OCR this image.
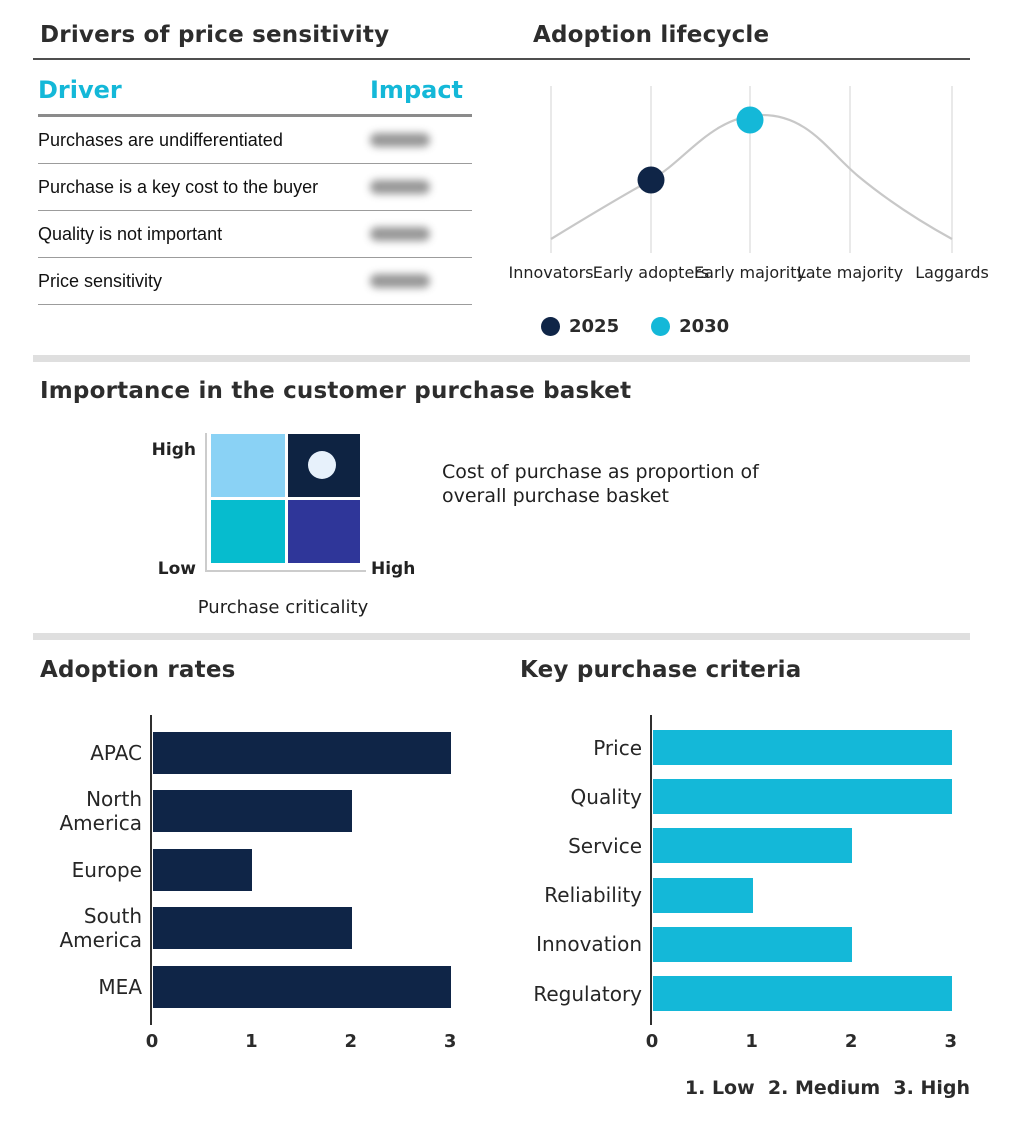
Drivers of price sensitivity	Adoption lifecycle
Driver	Impact
Purchases are undifferentiated
Purchase is a key cost to the buyer
Quality is not important
Price sensitivity	Innovators Early adopters
Early majority
Late majority Laggards
2025	2030
Importance in the customer purchase basket
High
Low	High
Purchase criticality
Cost of purchase as proportion of
overall purchase basket
Adoption rates	Key purchase criteria
APAC
North America
Europe
South America
MEA
0	1	2	3
Price
Quality
Service
Reliability
Innovation
Regulatory
0	1	2	3
1. Low  2. Medium  3. High
